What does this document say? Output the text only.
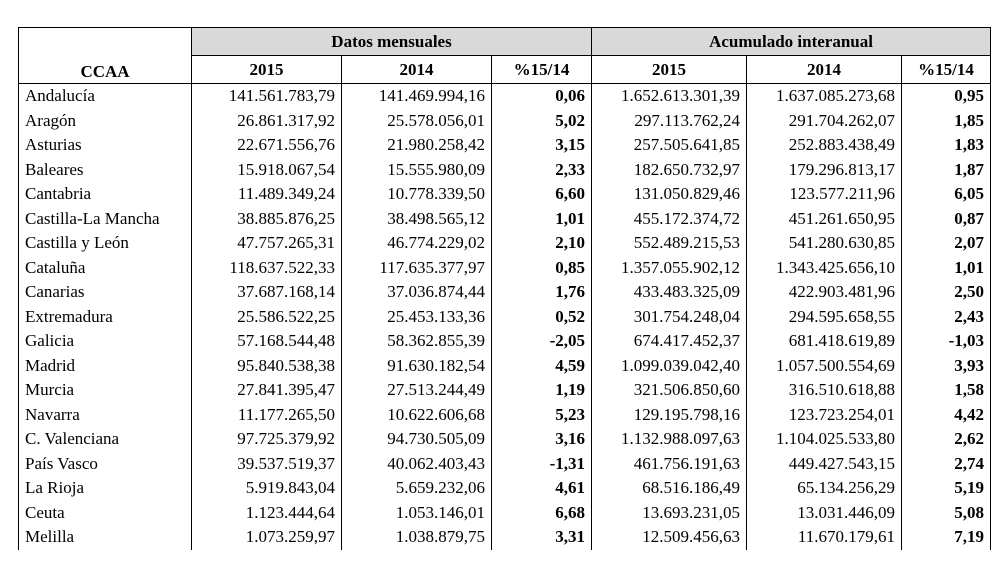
CCAA	Datos mensuales			Acumulado interanual		
	2015	2014	%15/14	2015	2014	%15/14
Andalucía	141.561.783,79	141.469.994,16	0,06	1.652.613.301,39	1.637.085.273,68	0,95
Aragón	26.861.317,92	25.578.056,01	5,02	297.113.762,24	291.704.262,07	1,85
Asturias	22.671.556,76	21.980.258,42	3,15	257.505.641,85	252.883.438,49	1,83
Baleares	15.918.067,54	15.555.980,09	2,33	182.650.732,97	179.296.813,17	1,87
Cantabria	11.489.349,24	10.778.339,50	6,60	131.050.829,46	123.577.211,96	6,05
Castilla-La Mancha	38.885.876,25	38.498.565,12	1,01	455.172.374,72	451.261.650,95	0,87
Castilla y León	47.757.265,31	46.774.229,02	2,10	552.489.215,53	541.280.630,85	2,07
Cataluña	118.637.522,33	117.635.377,97	0,85	1.357.055.902,12	1.343.425.656,10	1,01
Canarias	37.687.168,14	37.036.874,44	1,76	433.483.325,09	422.903.481,96	2,50
Extremadura	25.586.522,25	25.453.133,36	0,52	301.754.248,04	294.595.658,55	2,43
Galicia	57.168.544,48	58.362.855,39	-2,05	674.417.452,37	681.418.619,89	-1,03
Madrid	95.840.538,38	91.630.182,54	4,59	1.099.039.042,40	1.057.500.554,69	3,93
Murcia	27.841.395,47	27.513.244,49	1,19	321.506.850,60	316.510.618,88	1,58
Navarra	11.177.265,50	10.622.606,68	5,23	129.195.798,16	123.723.254,01	4,42
C. Valenciana	97.725.379,92	94.730.505,09	3,16	1.132.988.097,63	1.104.025.533,80	2,62
País Vasco	39.537.519,37	40.062.403,43	-1,31	461.756.191,63	449.427.543,15	2,74
La Rioja	5.919.843,04	5.659.232,06	4,61	68.516.186,49	65.134.256,29	5,19
Ceuta	1.123.444,64	1.053.146,01	6,68	13.693.231,05	13.031.446,09	5,08
Melilla	1.073.259,97	1.038.879,75	3,31	12.509.456,63	11.670.179,61	7,19
